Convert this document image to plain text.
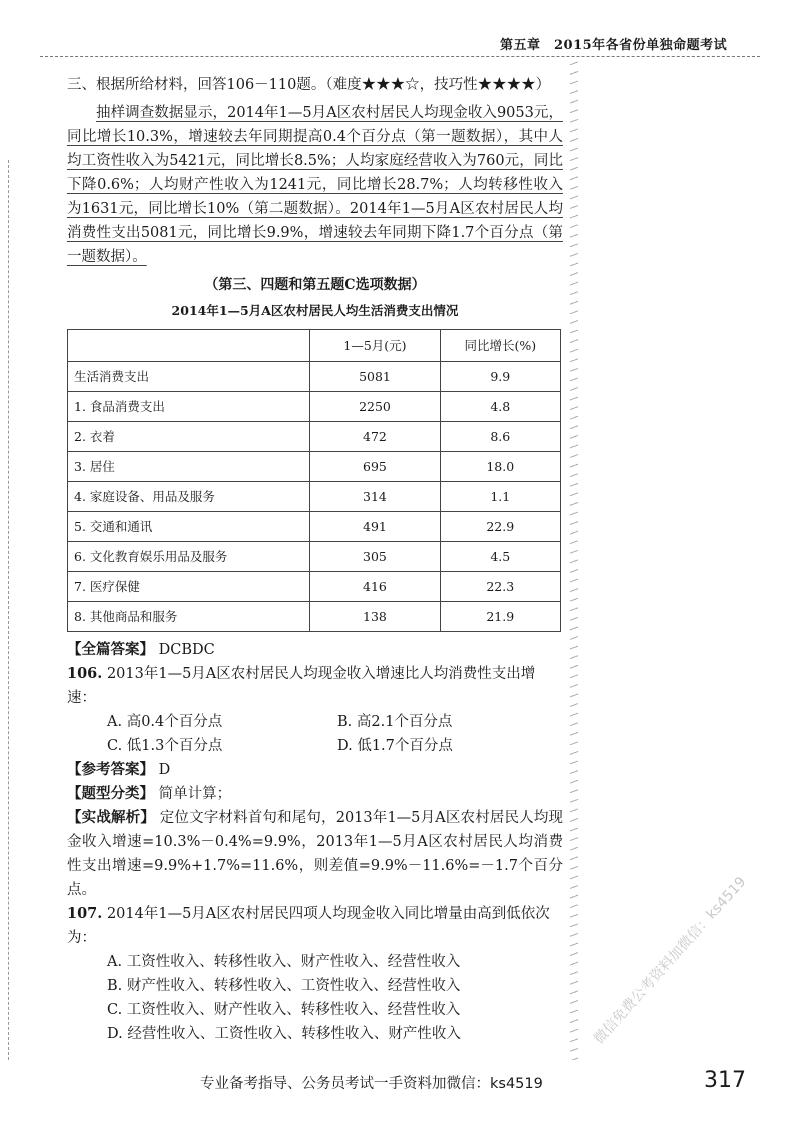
第五章　2015年各省份单独命题考试

三、根据所给材料，回答106－110题。（难度★★★☆，技巧性★★★★）

抽样调查数据显示，2014年1—5月A区农村居民人均现金收入9053元，同比增长10.3%，增速较去年同期提高0.4个百分点（第一题数据），其中人均工资性收入为5421元，同比增长8.5%；人均家庭经营收入为760元，同比下降0.6%；人均财产性收入为1241元，同比增长28.7%；人均转移性收入为1631元，同比增长10%（第二题数据）。2014年1—5月A区农村居民人均消费性支出5081元，同比增长9.9%，增速较去年同期下降1.7个百分点（第一题数据）。

（第三、四题和第五题C选项数据）

2014年1—5月A区农村居民人均生活消费支出情况

	1—5月(元)	同比增长(%)
生活消费支出	5081	9.9
1. 食品消费支出	2250	4.8
2. 衣着	472	8.6
3. 居住	695	18.0
4. 家庭设备、用品及服务	314	1.1
5. 交通和通讯	491	22.9
6. 文化教育娱乐用品及服务	305	4.5
7. 医疗保健	416	22.3
8. 其他商品和服务	138	21.9

【全篇答案】 DCBDC

106. 2013年1—5月A区农村居民人均现金收入增速比人均消费性支出增速：

A. 高0.4个百分点	B. 高2.1个百分点
C. 低1.3个百分点	D. 低1.7个百分点

【参考答案】 D

【题型分类】 简单计算；

【实战解析】 定位文字材料首句和尾句，2013年1—5月A区农村居民人均现金收入增速=10.3%－0.4%=9.9%，2013年1—5月A区农村居民人均消费性支出增速=9.9%+1.7%=11.6%，则差值=9.9%－11.6%=－1.7个百分点。

107. 2014年1—5月A区农村居民四项人均现金收入同比增量由高到低依次为：

A. 工资性收入、转移性收入、财产性收入、经营性收入
B. 财产性收入、转移性收入、工资性收入、经营性收入
C. 工资性收入、财产性收入、转移性收入、经营性收入
D. 经营性收入、工资性收入、转移性收入、财产性收入	微信免费公考资料加微信：ks4519
专业备考指导、公务员考试一手资料加微信：ks4519	317
